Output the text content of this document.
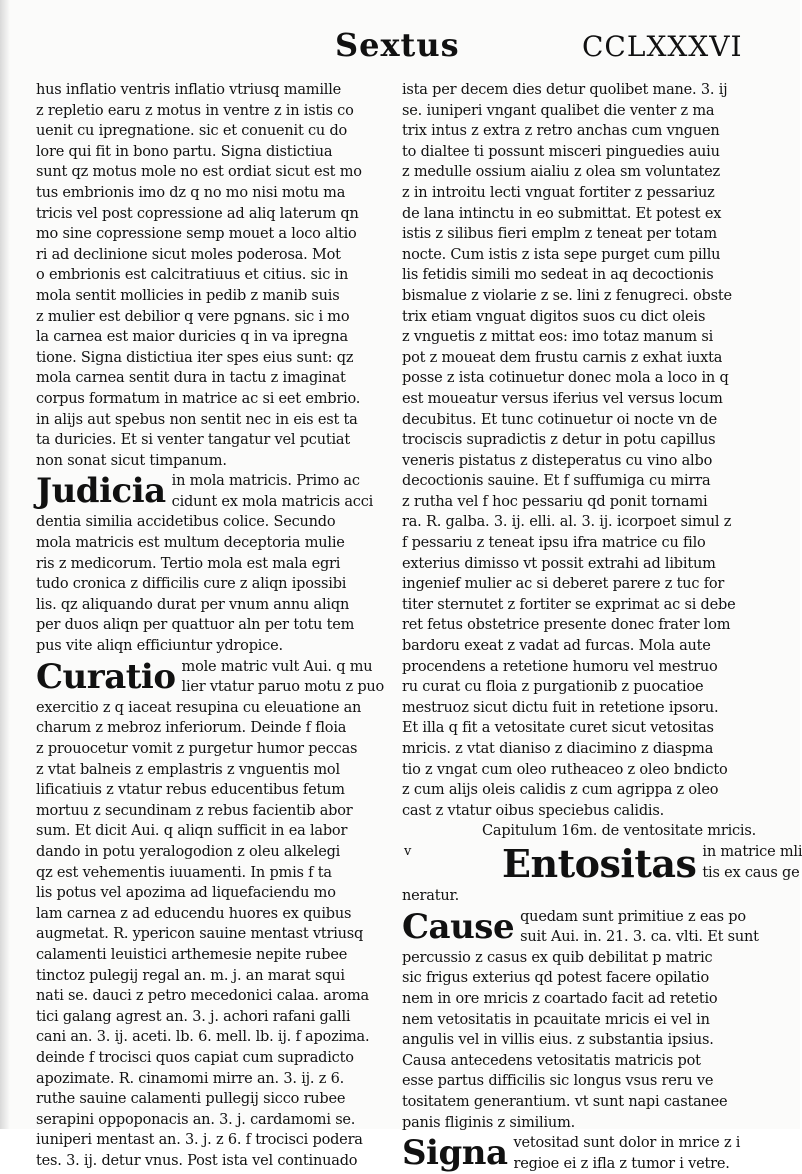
Sextus	CCLXXXVI
hus inflatio ventris inflatio vtriusq mamille
z repletio earu z motus in ventre z in istis co
uenit cu ipregnatione. sic et conuenit cu do
lore qui fit in bono partu. Signa distictiua
sunt qz motus mole no est ordiat sicut est mo
tus embrionis imo dz q no mo nisi motu ma
tricis vel post copressione ad aliq laterum qn
mo sine copressione semp mouet a loco altio
ri ad declinione sicut moles poderosa. Mot
o embrionis est calcitratiuus et citius. sic in
mola sentit mollicies in pedib z manib suis
z mulier est debilior q vere pgnans. sic i mo
la carnea est maior duricies q in va ipregna
tione. Signa distictiua iter spes eius sunt: qz
mola carnea sentit dura in tactu z imaginat
corpus formatum in matrice ac si eet embrio.
in alijs aut spebus non sentit nec in eis est ta
ta duricies. Et si venter tangatur vel pcutiat
non sonat sicut timpanum.
Judicia in mola matricis. Primo ac
cidunt ex mola matricis acci
dentia similia accidetibus colice. Secundo
mola matricis est multum deceptoria mulie
ris z medicorum. Tertio mola est mala egri
tudo cronica z difficilis cure z aliqn ipossibi
lis. qz aliquando durat per vnum annu aliqn
per duos aliqn per quattuor aln per totu tem
pus vite aliqn efficiuntur ydropice.
Curatio mole matric vult Aui. q mu
lier vtatur paruo motu z puo
exercitio z q iaceat resupina cu eleuatione an
charum z mebroz inferiorum. Deinde f floia
z prouocetur vomit z purgetur humor peccas
z vtat balneis z emplastris z vnguentis mol
lificatiuis z vtatur rebus educentibus fetum
mortuu z secundinam z rebus facientib abor
sum. Et dicit Aui. q aliqn sufficit in ea labor
dando in potu yeralogodion z oleu alkelegi
qz est vehementis iuuamenti. In pmis f ta
lis potus vel apozima ad liquefaciendu mo
lam carnea z ad educendu huores ex quibus
augmetat. R. ypericon sauine mentast vtriusq
calamenti leuistici arthemesie nepite rubee
tinctoz pulegij regal an. m. j. an marat squi
nati se. dauci z petro mecedonici calaa. aroma
tici galang agrest an. 3. j. achori rafani galli
cani an. 3. ij. aceti. lb. 6. mell. lb. ij. f apozima.
deinde f trocisci quos capiat cum supradicto
apozimate. R. cinamomi mirre an. 3. ij. z 6.
ruthe sauine calamenti pullegij sicco rubee
serapini oppoponacis an. 3. j. cardamomi se.
iuniperi mentast an. 3. j. z 6. f trocisci podera
tes. 3. ij. detur vnus. Post ista vel continuado
ista per decem dies detur quolibet mane. 3. ij
se. iuniperi vngant qualibet die venter z ma
trix intus z extra z retro anchas cum vnguen
to dialtee ti possunt misceri pinguedies auiu
z medulle ossium aialiu z olea sm voluntatez
z in introitu lecti vnguat fortiter z pessariuz
de lana intinctu in eo submittat. Et potest ex
istis z silibus fieri emplm z teneat per totam
nocte. Cum istis z ista sepe purget cum pillu
lis fetidis simili mo sedeat in aq decoctionis
bismalue z violarie z se. lini z fenugreci. obste
trix etiam vnguat digitos suos cu dict oleis
z vnguetis z mittat eos: imo totaz manum si
pot z moueat dem frustu carnis z exhat iuxta
posse z ista cotinuetur donec mola a loco in q
est moueatur versus iferius vel versus locum
decubitus. Et tunc cotinuetur oi nocte vn de
trociscis supradictis z detur in potu capillus
veneris pistatus z disteperatus cu vino albo
decoctionis sauine. Et f suffumiga cu mirra
z rutha vel f hoc pessariu qd ponit tornami
ra. R. galba. 3. ij. elli. al. 3. ij. icorpoet simul z
f pessariu z teneat ipsu ifra matrice cu filo
exterius dimisso vt possit extrahi ad libitum
ingenief mulier ac si deberet parere z tuc for
titer sternutet z fortiter se exprimat ac si debe
ret fetus obstetrice presente donec frater lom
bardoru exeat z vadat ad furcas. Mola aute
procendens a retetione humoru vel mestruo
ru curat cu floia z purgationib z puocatioe
mestruoz sicut dictu fuit in retetione ipsoru.
Et illa q fit a vetositate curet sicut vetositas
mricis. z vtat dianiso z diacimino z diaspma
tio z vngat cum oleo rutheaceo z oleo bndicto
z cum alijs oleis calidis z cum agrippa z oleo
cast z vtatur oibus speciebus calidis.
Capitulum 16m. de ventositate mricis.
v	Entositas in matrice mli
tis ex caus ge
neratur.
Cause quedam sunt primitiue z eas po
suit Aui. in. 21. 3. ca. vlti. Et sunt
percussio z casus ex quib debilitat p matric
sic frigus exterius qd potest facere opilatio
nem in ore mricis z coartado facit ad retetio
nem vetositatis in pcauitate mricis ei vel in
angulis vel in villis eius. z substantia ipsius.
Causa antecedens vetositatis matricis pot
esse partus difficilis sic longus vsus reru ve
tositatem generantium. vt sunt napi castanee
panis fliginis z similium.
Signa vetositad sunt dolor in mrice z i
regioe ei z ifla z tumor i vetre.
